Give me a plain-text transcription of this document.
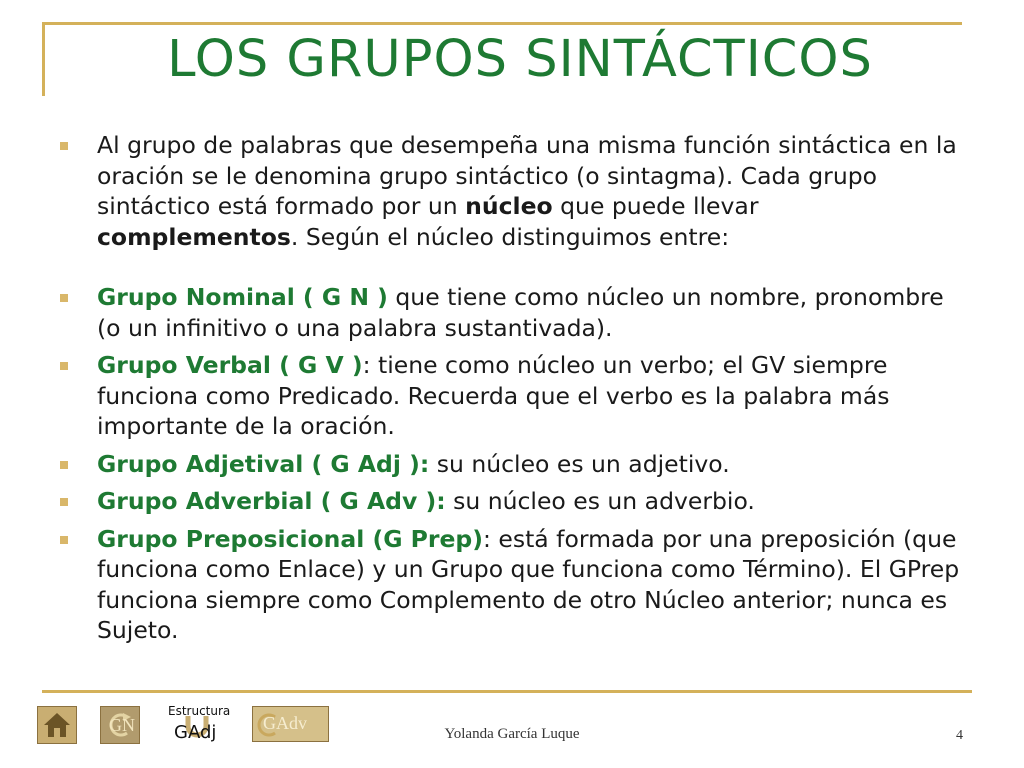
LOS GRUPOS SINTÁCTICOS
Al grupo de palabras que desempeña una misma función sintáctica en la oración se le denomina grupo sintáctico (o sintagma). Cada grupo sintáctico está formado por un núcleo que puede llevar complementos. Según el núcleo distinguimos entre:
Grupo Nominal ( G N ) que tiene como núcleo un nombre, pronombre (o un infinitivo o una palabra sustantivada).
Grupo Verbal ( G V ): tiene como núcleo un verbo; el GV siempre funciona como Predicado. Recuerda que el verbo es la palabra más importante de la oración.
Grupo Adjetival ( G Adj ): su núcleo es un adjetivo.
Grupo Adverbial ( G Adv ): su núcleo es un adverbio.
Grupo Preposicional (G Prep): está formada por una preposición (que funciona como Enlace) y un Grupo que funciona como Término). El GPrep funciona siempre como Complemento de otro Núcleo anterior; nunca es Sujeto.
GN
Estructura
GAdj	GAdv
Yolanda García Luque	4
